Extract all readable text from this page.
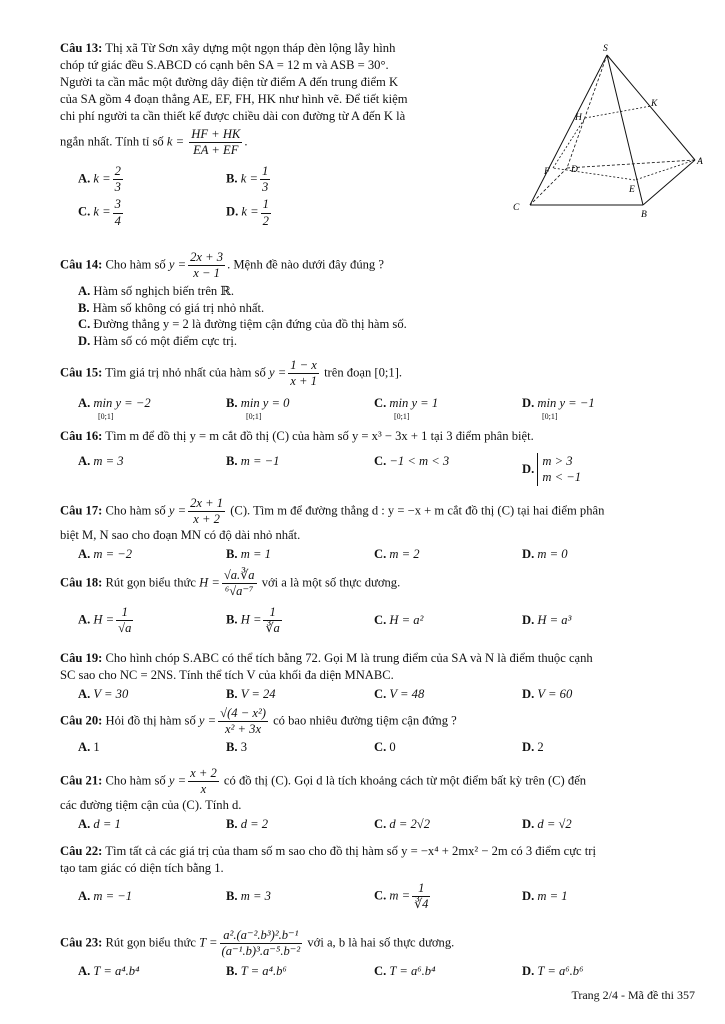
Câu 13: Thị xã Từ Sơn xây dựng một ngọn tháp đèn lộng lẫy hình
chóp tứ giác đều S.ABCD có cạnh bên SA = 12 m và ASB = 30°.
Người ta cần mắc một đường dây điện từ điểm A đến trung điểm K
của SA gồm 4 đoạn thẳng AE, EF, FH, HK như hình vẽ. Để tiết kiệm
chi phí người ta cần thiết kế được chiều dài con đường từ A đến K là
ngắn nhất. Tính tỉ số $k = \frac{HF + HK}{EA + EF}$ .
A. $k = \frac{2}{3}$	B. $k = \frac{1}{3}$
C. $k = \frac{3}{4}$	D. $k = \frac{1}{2}$
S
A
B
C
D
E
F
H
K
Câu 14: Cho hàm số $y = \frac{2x + 3}{x - 1}$ . Mệnh đề nào dưới đây đúng ?
A. Hàm số nghịch biến trên ℝ.
B. Hàm số không có giá trị nhỏ nhất.
C. Đường thẳng y = 2 là đường tiệm cận đứng của đồ thị hàm số.
D. Hàm số có một điểm cực trị.
Câu 15: Tìm giá trị nhỏ nhất của hàm số $y = \frac{1 - x}{x + 1}$ trên đoạn [0;1].
A. min y = −2
[0;1]
B. min y = 0
[0;1]
C. min y = 1
[0;1]
D. min y = −1
[0;1]
Câu 16: Tìm m để đồ thị y = m cắt đồ thị (C) của hàm số y = x³ − 3x + 1 tại 3 điểm phân biệt.
A. m = 3	B. m = −1	C. −1 < m < 3
D.

m > 3
m < −1
Câu 17: Cho hàm số $y = \frac{2x + 1}{x + 2} (C)$. Tìm m để đường thẳng d : y = −x + m cắt đồ thị (C) tại hai điểm phân
biệt M, N sao cho đoạn MN có độ dài nhỏ nhất.
A. m = −2	B. m = 1	C. m = 2	D. m = 0
Câu 18: Rút gọn biểu thức $H = \frac{√a.∛a}{\text{⁶√a⁻⁷}}$ với a là một số thực dương.
A. $H = \frac{1}{√a}$	B. $H = \frac{1}{∛a}$	C. H = a²	D. H = a³
Câu 19: Cho hình chóp S.ABC có thể tích bằng 72. Gọi M là trung điểm của SA và N là điểm thuộc cạnh
SC sao cho NC = 2NS. Tính thể tích V của khối đa diện MNABC.
A. V = 30	B. V = 24	C. V = 48	D. V = 60
Câu 20: Hỏi đồ thị hàm số $y = \frac{\text{√(4 − x²)}}{\text{x² + 3x}}$ có bao nhiêu đường tiệm cận đứng ?
A. 1	B. 3	C. 0	D. 2
Câu 21: Cho hàm số $y = \frac{x + 2}{x}$ có đồ thị (C). Gọi d là tích khoảng cách từ một điểm bất kỳ trên (C) đến
các đường tiệm cận của (C). Tính d.
A. d = 1	B. d = 2	C. d = 2√2	D. d = √2
Câu 22: Tìm tất cả các giá trị của tham số m sao cho đồ thị hàm số y = −x⁴ + 2mx² − 2m có 3 điểm cực trị
tạo tam giác có diện tích bằng 1.
A. m = −1	B. m = 3	C. $m = \frac{1}{∛4}$	D. m = 1
Câu 23: Rút gọn biểu thức $T = \frac{\text{a².(a⁻².b³)².b⁻¹}}{\text{(a⁻¹.b)³.a⁻⁵.b⁻²}}$ với a, b là hai số thực dương.
A. T = a⁴.b⁴	B. T = a⁴.b⁶	C. T = a⁶.b⁴	D. T = a⁶.b⁶
Trang 2/4 - Mã đề thi 357
